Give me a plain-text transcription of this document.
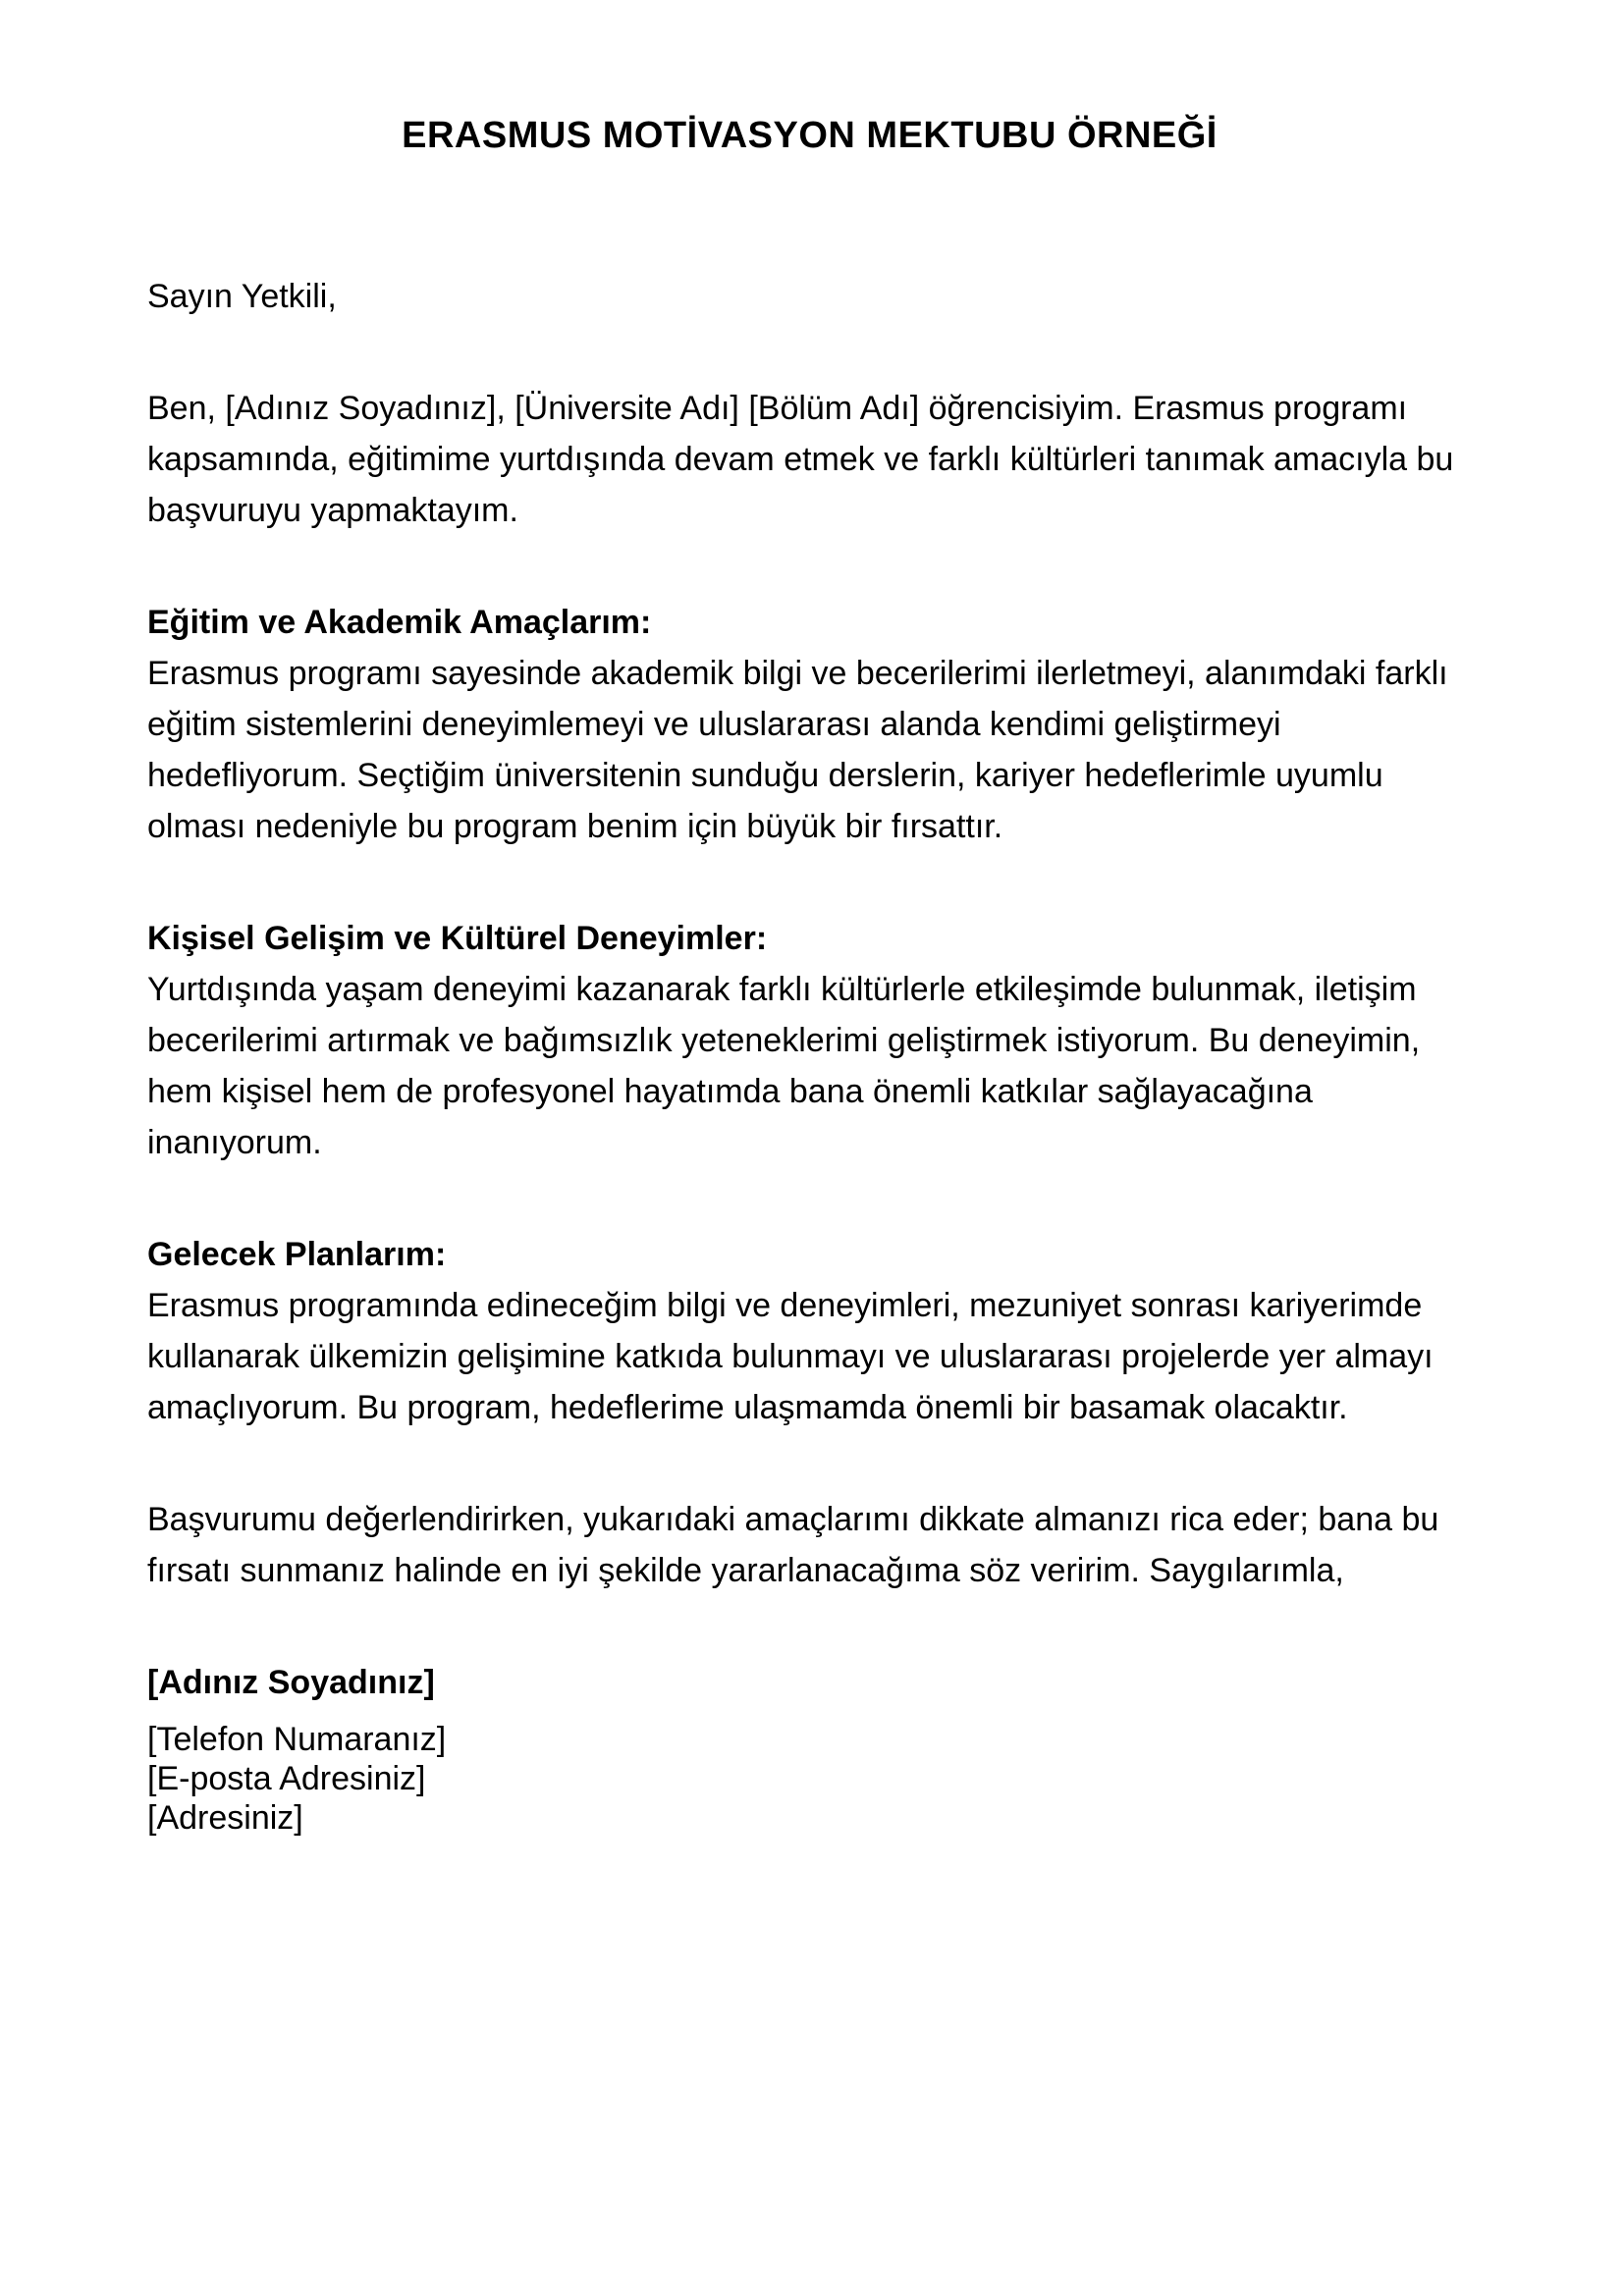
ERASMUS MOTİVASYON MEKTUBU ÖRNEĞİ

Sayın Yetkili,

Ben, [Adınız Soyadınız], [Üniversite Adı] [Bölüm Adı] öğrencisiyim. Erasmus programı kapsamında, eğitimime yurtdışında devam etmek ve farklı kültürleri tanımak amacıyla bu başvuruyu yapmaktayım.

Eğitim ve Akademik Amaçlarım:

Erasmus programı sayesinde akademik bilgi ve becerilerimi ilerletmeyi, alanımdaki farklı eğitim sistemlerini deneyimlemeyi ve uluslararası alanda kendimi geliştirmeyi hedefliyorum. Seçtiğim üniversitenin sunduğu derslerin, kariyer hedeflerimle uyumlu olması nedeniyle bu program benim için büyük bir fırsattır.

Kişisel Gelişim ve Kültürel Deneyimler:

Yurtdışında yaşam deneyimi kazanarak farklı kültürlerle etkileşimde bulunmak, iletişim becerilerimi artırmak ve bağımsızlık yeteneklerimi geliştirmek istiyorum. Bu deneyimin, hem kişisel hem de profesyonel hayatımda bana önemli katkılar sağlayacağına inanıyorum.

Gelecek Planlarım:

Erasmus programında edineceğim bilgi ve deneyimleri, mezuniyet sonrası kariyerimde kullanarak ülkemizin gelişimine katkıda bulunmayı ve uluslararası projelerde yer almayı amaçlıyorum. Bu program, hedeflerime ulaşmamda önemli bir basamak olacaktır.

Başvurumu değerlendirirken, yukarıdaki amaçlarımı dikkate almanızı rica eder; bana bu fırsatı sunmanız halinde en iyi şekilde yararlanacağıma söz veririm. Saygılarımla,

[Adınız Soyadınız]

[Telefon Numaranız]

[E-posta Adresiniz]

[Adresiniz]
